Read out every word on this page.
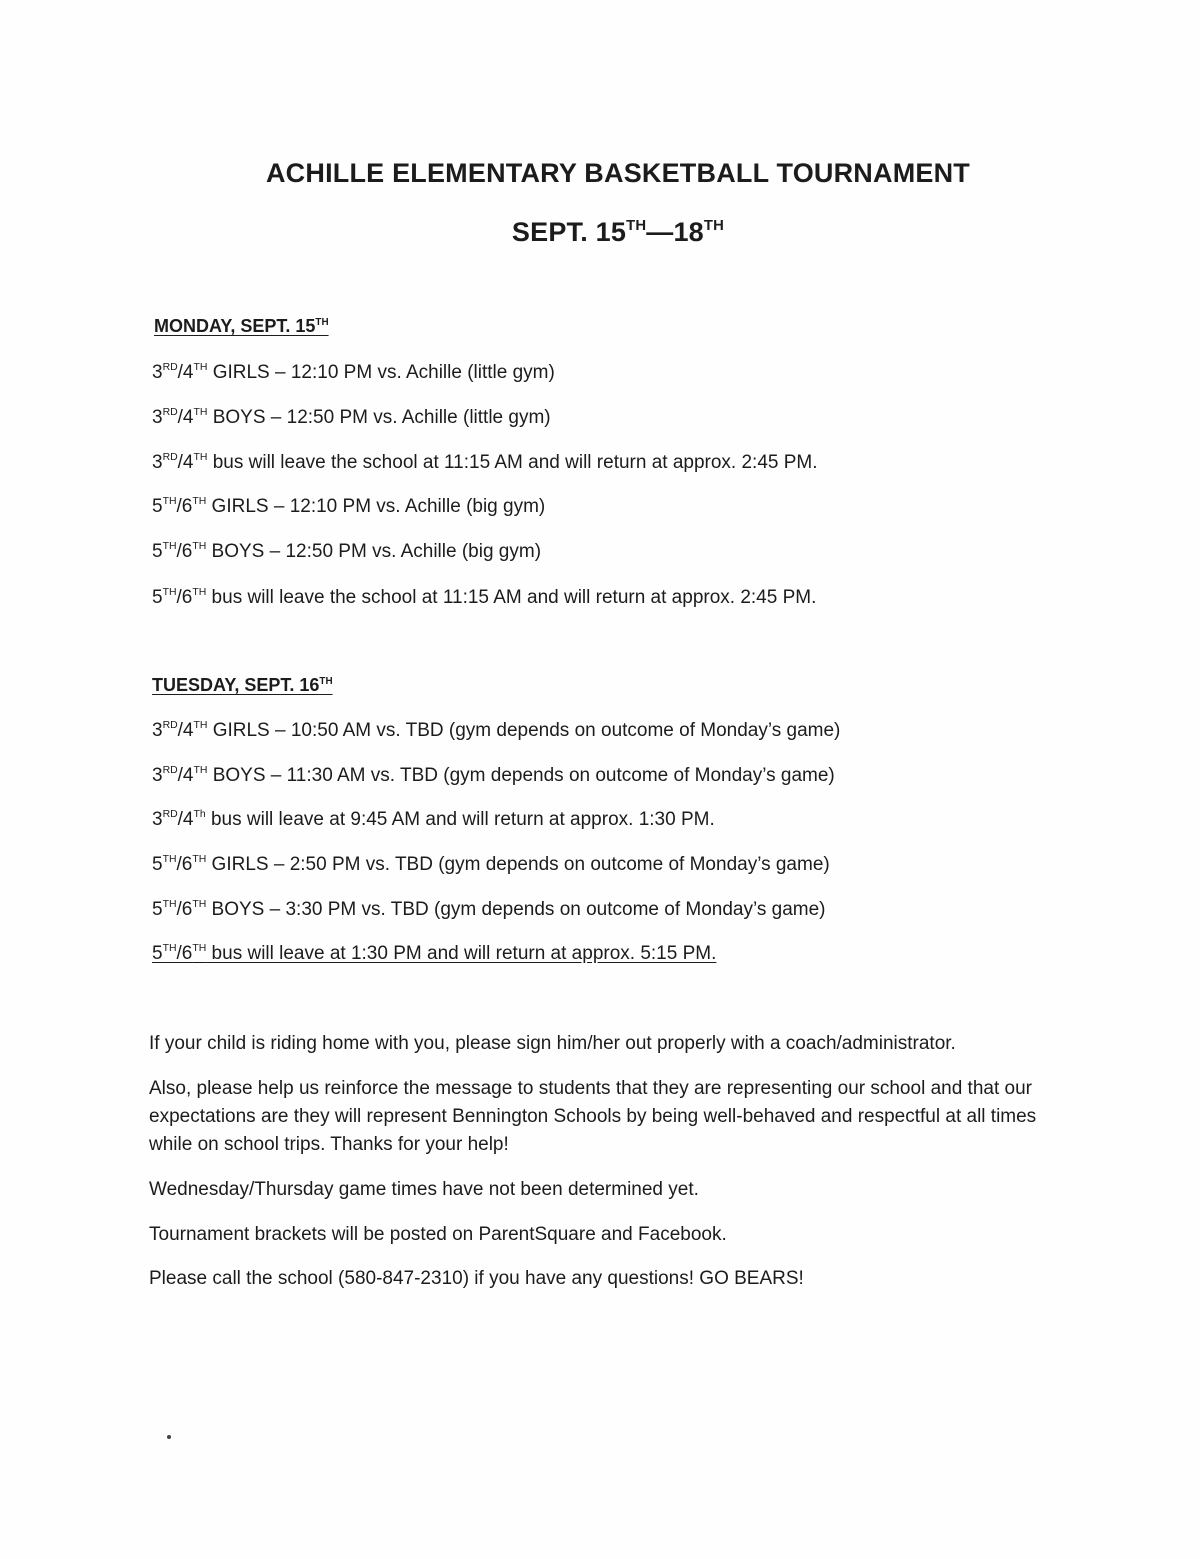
ACHILLE ELEMENTARY BASKETBALL TOURNAMENT
SEPT. 15TH—18TH
MONDAY, SEPT. 15TH
3RD/4TH GIRLS – 12:10 PM vs. Achille (little gym)
3RD/4TH BOYS – 12:50 PM vs. Achille (little gym)
3RD/4TH bus will leave the school at 11:15 AM and will return at approx. 2:45 PM.
5TH/6TH GIRLS – 12:10 PM vs. Achille (big gym)
5TH/6TH BOYS – 12:50 PM vs. Achille (big gym)
5TH/6TH bus will leave the school at 11:15 AM and will return at approx. 2:45 PM.
TUESDAY, SEPT. 16TH
3RD/4TH GIRLS – 10:50 AM vs. TBD (gym depends on outcome of Monday’s game)
3RD/4TH BOYS – 11:30 AM vs. TBD (gym depends on outcome of Monday’s game)
3RD/4Th bus will leave at 9:45 AM and will return at approx. 1:30 PM.
5TH/6TH GIRLS – 2:50 PM vs. TBD (gym depends on outcome of Monday’s game)
5TH/6TH BOYS – 3:30 PM vs. TBD (gym depends on outcome of Monday’s game)
5TH/6TH bus will leave at 1:30 PM and will return at approx. 5:15 PM.
If your child is riding home with you, please sign him/her out properly with a coach/administrator.
Also, please help us reinforce the message to students that they are representing our school and that our expectations are they will represent Bennington Schools by being well-behaved and respectful at all times while on school trips. Thanks for your help!
Wednesday/Thursday game times have not been determined yet.
Tournament brackets will be posted on ParentSquare and Facebook.
Please call the school (580-847-2310) if you have any questions! GO BEARS!
